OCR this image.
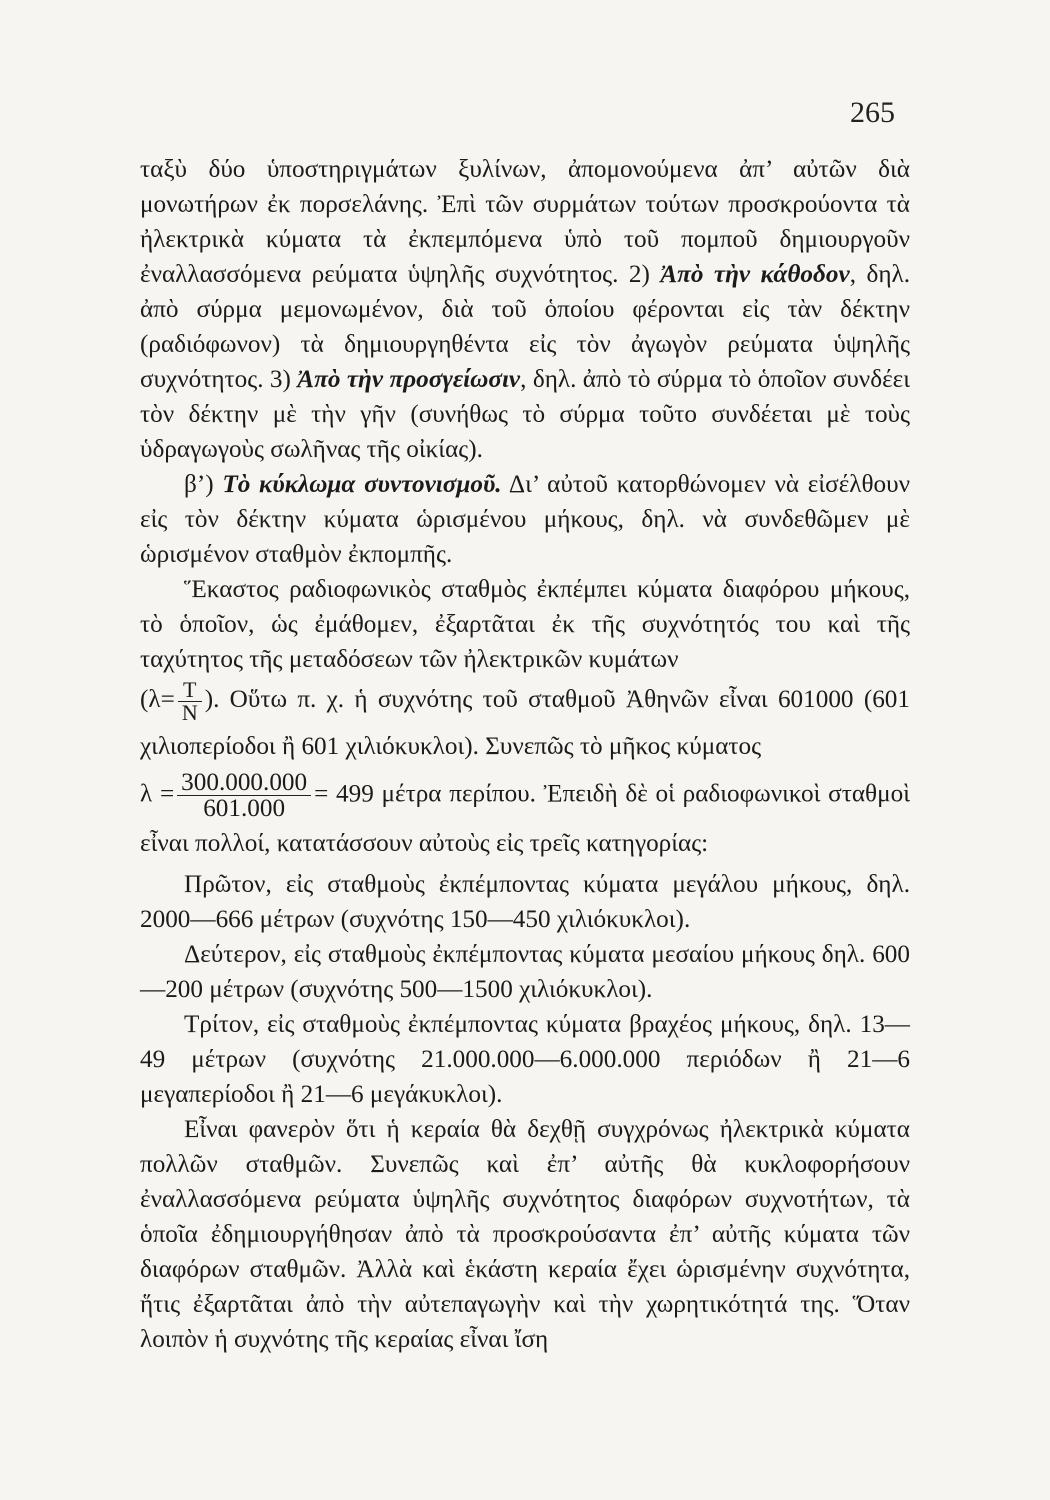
265

ταξὺ δύο ὑποστηριγμάτων ξυλίνων, ἀπομονούμενα ἀπ’ αὐτῶν διὰ μονωτήρων ἐκ πορσελάνης. Ἐπὶ τῶν συρμάτων τούτων προσκρούοντα τὰ ἠλεκτρικὰ κύματα τὰ ἐκπεμπόμενα ὑπὸ τοῦ πομποῦ δημιουργοῦν ἐναλλασσόμενα ρεύματα ὑψηλῆς συχνότητος. 2) Ἀπὸ τὴν κάθοδον, δηλ. ἀπὸ σύρμα μεμονωμένον, διὰ τοῦ ὁποίου φέρονται εἰς τὰν δέκτην (ραδιόφωνον) τὰ δημιουργηθέντα εἰς τὸν ἀγωγὸν ρεύματα ὑψηλῆς συχνότητος. 3) Ἀπὸ τὴν προσγείωσιν, δηλ. ἀπὸ τὸ σύρμα τὸ ὁποῖον συνδέει τὸν δέκτην μὲ τὴν γῆν (συνήθως τὸ σύρμα τοῦτο συνδέεται μὲ τοὺς ὑδραγωγοὺς σωλῆνας τῆς οἰκίας).

β’) Τὸ κύκλωμα συντονισμοῦ. Δι’ αὐτοῦ κατορθώνομεν νὰ εἰσέλθουν εἰς τὸν δέκτην κύματα ὡρισμένου μήκους, δηλ. νὰ συνδεθῶμεν μὲ ὡρισμένον σταθμὸν ἐκπομπῆς.

Ἕκαστος ραδιοφωνικὸς σταθμὸς ἐκπέμπει κύματα διαφόρου μήκους, τὸ ὁποῖον, ὡς ἐμάθομεν, ἐξαρτᾶται ἐκ τῆς συχνότητός του καὶ τῆς ταχύτητος τῆς μεταδόσεων τῶν ἠλεκτρικῶν κυμάτων

($\lambda= \frac{T}{N}$ ). Οὕτω π. χ. ἡ συχνότης τοῦ σταθμοῦ Ἀθηνῶν εἶναι 601000 (601 χιλιοπερίοδοι ἢ 601 χιλιόκυκλοι). Συνεπῶς τὸ μῆκος κύματος

$\lambda = \frac{300.000.000}{601.000} = 499$ μέτρα περίπου. Ἐπειδὴ δὲ οἱ ραδιοφωνικοὶ σταθμοὶ εἶναι πολλοί, κατατάσσουν αὐτοὺς εἰς τρεῖς κατηγορίας:

Πρῶτον, εἰς σταθμοὺς ἐκπέμποντας κύματα μεγάλου μήκους, δηλ. 2000—666 μέτρων (συχνότης 150—450 χιλιόκυκλοι).

Δεύτερον, εἰς σταθμοὺς ἐκπέμποντας κύματα μεσαίου μήκους δηλ. 600—200 μέτρων (συχνότης 500—1500 χιλιόκυκλοι).

Τρίτον, εἰς σταθμοὺς ἐκπέμποντας κύματα βραχέος μήκους, δηλ. 13—49 μέτρων (συχνότης 21.000.000—6.000.000 περιόδων ἢ 21—6 μεγαπερίοδοι ἢ 21—6 μεγάκυκλοι).

Εἶναι φανερὸν ὅτι ἡ κεραία θὰ δεχθῇ συγχρόνως ἠλεκτρικὰ κύματα πολλῶν σταθμῶν. Συνεπῶς καὶ ἐπ’ αὐτῆς θὰ κυκλοφορήσουν ἐναλλασσόμενα ρεύματα ὑψηλῆς συχνότητος διαφόρων συχνοτήτων, τὰ ὁποῖα ἐδημιουργήθησαν ἀπὸ τὰ προσκρούσαντα ἐπ’ αὐτῆς κύματα τῶν διαφόρων σταθμῶν. Ἀλλὰ καὶ ἑκάστη κεραία ἔχει ὡρισμένην συχνότητα, ἥτις ἐξαρτᾶται ἀπὸ τὴν αὐτεπαγωγὴν καὶ τὴν χωρητικότητά της. Ὅταν λοιπὸν ἡ συχνότης τῆς κεραίας εἶναι ἴση
